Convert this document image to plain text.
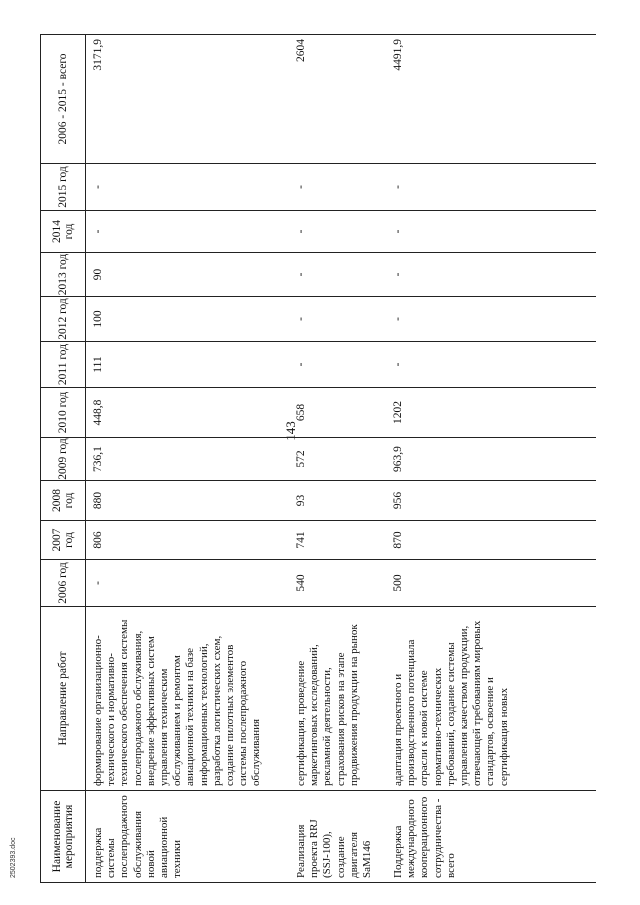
143
Наименование мероприятия	Направление работ	2006 год	2007 год	2008 год	2009 год	2010 год	2011 год	2012 год	2013 год	2014 год	2015 год	2006 - 2015 - всего
поддержка системы послепродажного обслуживания новой авиационной техники	формирование организационно-технического и нормативно-технического обеспечения системы послепродажного обслуживания, внедрение эффективных систем управления техническим обслуживанием и ремонтом авиационной техники на базе информационных технологий, разработка логистических схем, создание пилотных элементов системы послепродажного обслуживания	-	806	880	736,1	448,8	111	100	90	-	-	3171,9
Реализация проекта RRJ (SSJ-100), создание двигателя SaM146	сертификация, проведение маркетинговых исследований, рекламной деятельности, страхования рисков на этапе продвижения продукции на рынок	540	741	93	572	658	-	-	-	-	-	2604
Поддержка международного кооперационного сотрудничества - всего	адаптация проектного и производственного потенциала отрасли к новой системе нормативно-технических требований, создание системы управления качеством продукции, отвечающей требованиям мировых стандартов, освоение и сертификация новых	500	870	956	963,9	1202	-	-	-	-	-	4491,9
2502393.doc
